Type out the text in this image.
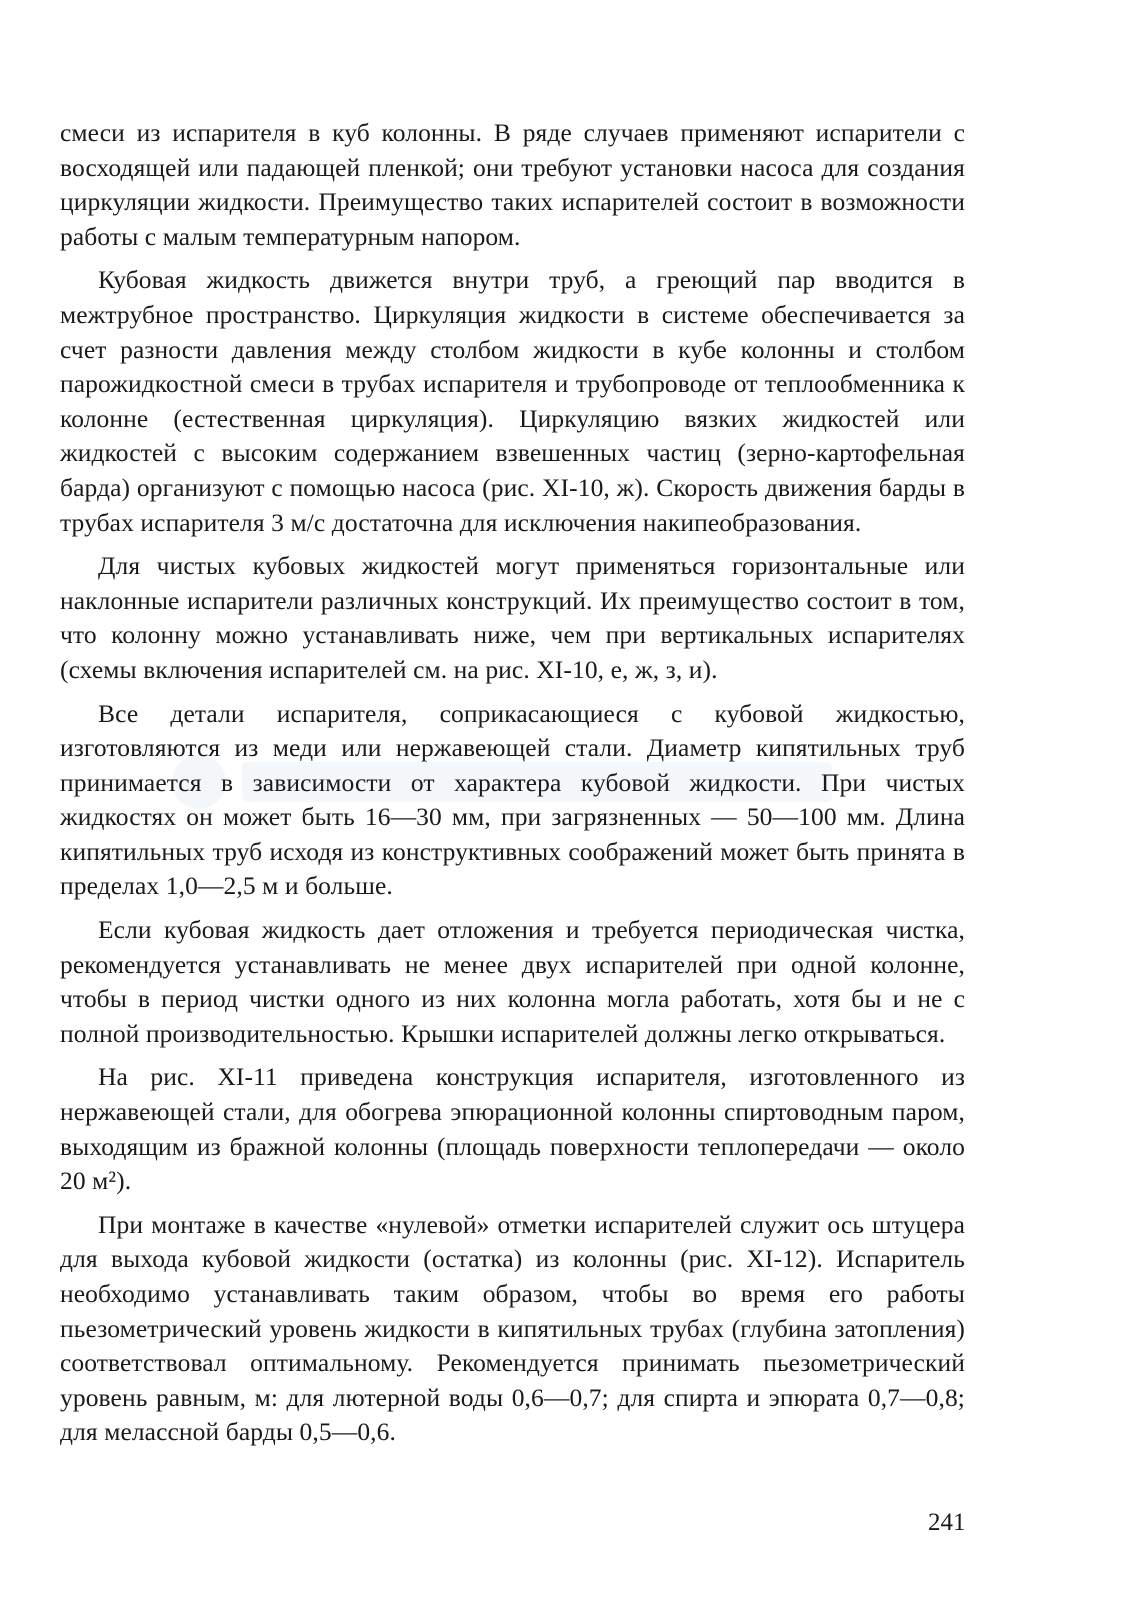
смеси из испарителя в куб колонны. В ряде случаев применяют испарители с восходящей или падающей пленкой; они требуют установки насоса для создания циркуляции жидкости. Преимущество таких испарителей состоит в возможности работы с малым температурным напором.

Кубовая жидкость движется внутри труб, а греющий пар вводится в межтрубное пространство. Циркуляция жидкости в системе обеспечивается за счет разности давления между столбом жидкости в кубе колонны и столбом парожидкостной смеси в трубах испарителя и трубопроводе от теплообменника к колонне (естественная циркуляция). Циркуляцию вязких жидкостей или жидкостей с высоким содержанием взвешенных частиц (зерно-картофельная барда) организуют с помощью насоса (рис. XI-10, ж). Скорость движения барды в трубах испарителя 3 м/с достаточна для исключения накипеобразования.

Для чистых кубовых жидкостей могут применяться горизонтальные или наклонные испарители различных конструкций. Их преимущество состоит в том, что колонну можно устанавливать ниже, чем при вертикальных испарителях (схемы включения испарителей см. на рис. XI-10, е, ж, з, и).

Все детали испарителя, соприкасающиеся с кубовой жидкостью, изготовляются из меди или нержавеющей стали. Диаметр кипятильных труб принимается в зависимости от характера кубовой жидкости. При чистых жидкостях он может быть 16—30 мм, при загрязненных — 50—100 мм. Длина кипятильных труб исходя из конструктивных соображений может быть принята в пределах 1,0—2,5 м и больше.

Если кубовая жидкость дает отложения и требуется периодическая чистка, рекомендуется устанавливать не менее двух испарителей при одной колонне, чтобы в период чистки одного из них колонна могла работать, хотя бы и не с полной производительностью. Крышки испарителей должны легко открываться.

На рис. XI-11 приведена конструкция испарителя, изготовленного из нержавеющей стали, для обогрева эпюрационной колонны спиртоводным паром, выходящим из бражной колонны (площадь поверхности теплопередачи — около 20 м²).

При монтаже в качестве «нулевой» отметки испарителей служит ось штуцера для выхода кубовой жидкости (остатка) из колонны (рис. XI-12). Испаритель необходимо устанавливать таким образом, чтобы во время его работы пьезометрический уровень жидкости в кипятильных трубах (глубина затопления) соответствовал оптимальному. Рекомендуется принимать пьезометрический уровень равным, м: для лютерной воды 0,6—0,7; для спирта и эпюрата 0,7—0,8; для мелассной барды 0,5—0,6.

241
